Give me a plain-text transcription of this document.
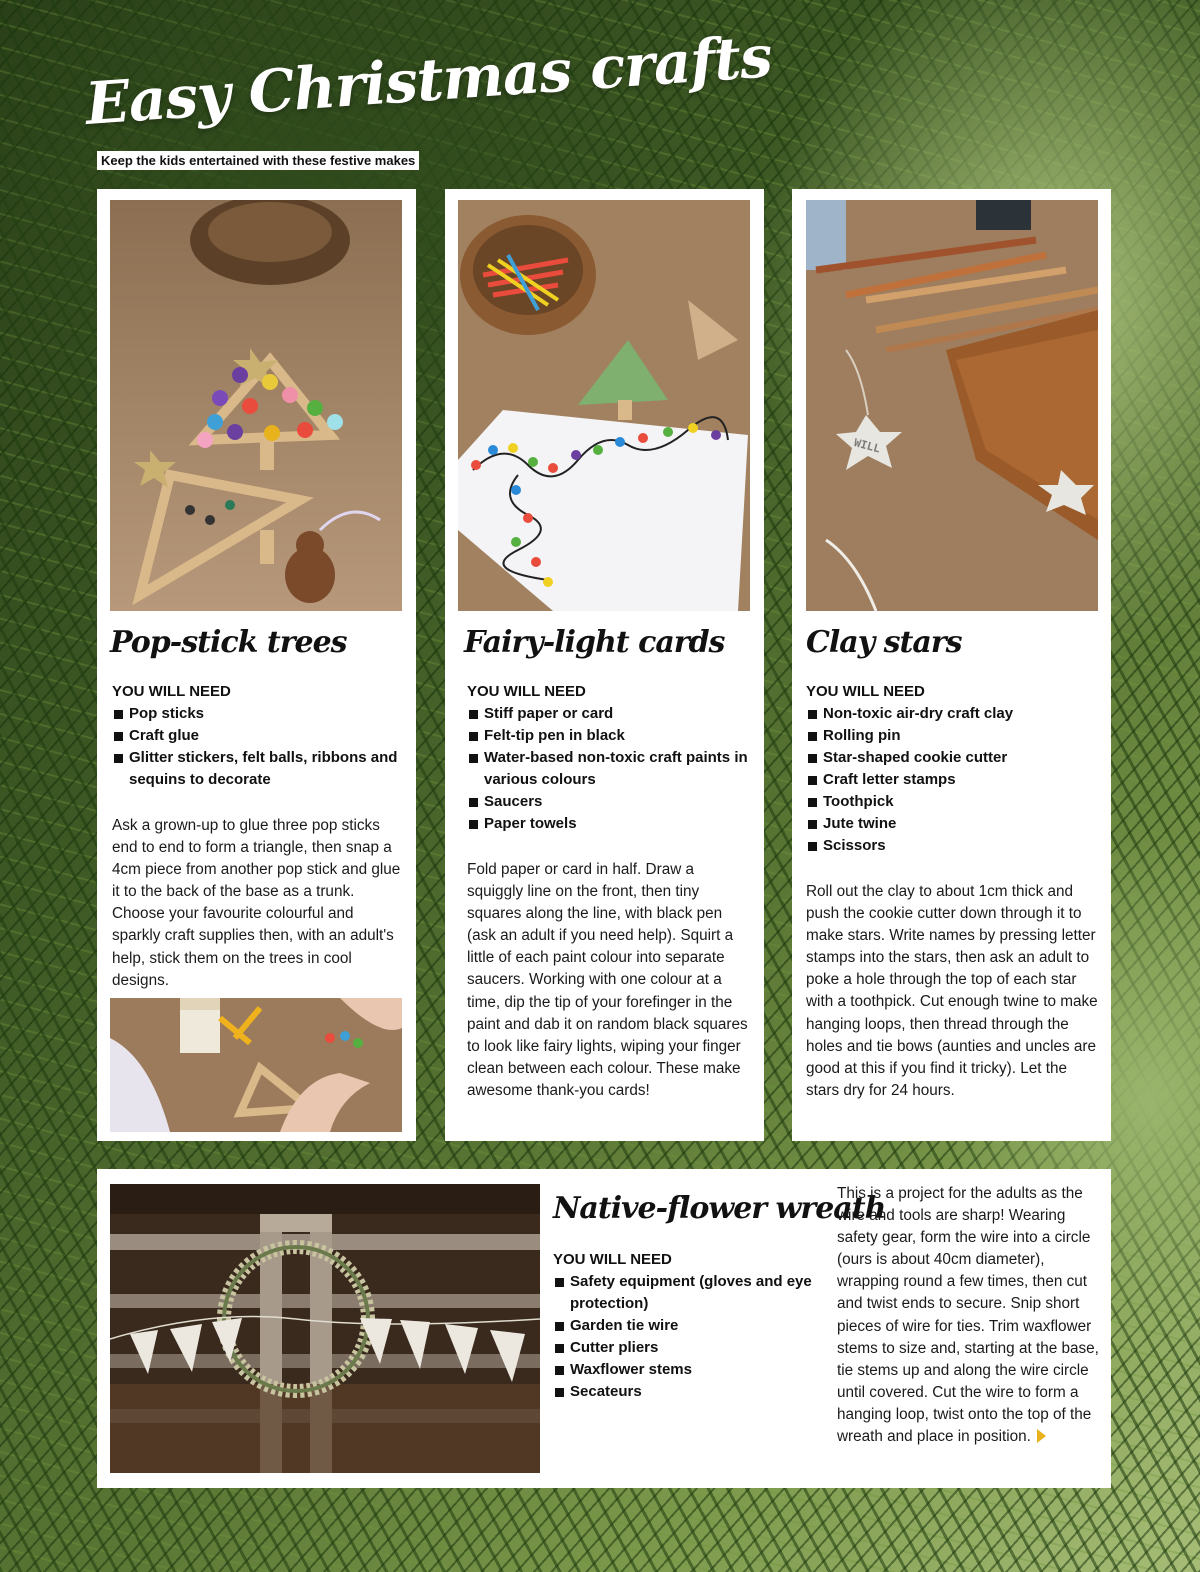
Easy Christmas crafts
Keep the kids entertained with these festive makes
Pop-stick trees
YOU WILL NEED
Pop sticks
Craft glue
Glitter stickers, felt balls, ribbons and sequins to decorate
Ask a grown-up to glue three pop sticks end to end to form a triangle, then snap a 4cm piece from another pop stick and glue it to the back of the base as a trunk. Choose your favourite colourful and sparkly craft supplies then, with an adult's help, stick them on the trees in cool designs.
Fairy-light cards
YOU WILL NEED
Stiff paper or card
Felt-tip pen in black
Water-based non-toxic craft paints in various colours
Saucers
Paper towels
Fold paper or card in half. Draw a squiggly line on the front, then tiny squares along the line, with black pen (ask an adult if you need help). Squirt a little of each paint colour into separate saucers. Working with one colour at a time, dip the tip of your forefinger in the paint and dab it on random black squares to look like fairy lights, wiping your finger clean between each colour. These make awesome thank-you cards!
WILL
Clay stars
YOU WILL NEED
Non-toxic air-dry craft clay
Rolling pin
Star-shaped cookie cutter
Craft letter stamps
Toothpick
Jute twine
Scissors
Roll out the clay to about 1cm thick and push the cookie cutter down through it to make stars. Write names by pressing letter stamps into the stars, then ask an adult to poke a hole through the top of each star with a toothpick. Cut enough twine to make hanging loops, then thread through the holes and tie bows (aunties and uncles are good at this if you find it tricky). Let the stars dry for 24 hours.
Native-flower wreath
YOU WILL NEED
Safety equipment (gloves and eye protection)
Garden tie wire
Cutter pliers
Waxflower stems
Secateurs
This is a project for the adults as the wire and tools are sharp! Wearing safety gear, form the wire into a circle (ours is about 40cm diameter), wrapping round a few times, then cut and twist ends to secure. Snip short pieces of wire for ties. Trim waxflower stems to size and, starting at the base, tie stems up and along the wire circle until covered. Cut the wire to form a hanging loop, twist onto the top of the wreath and place in position.
